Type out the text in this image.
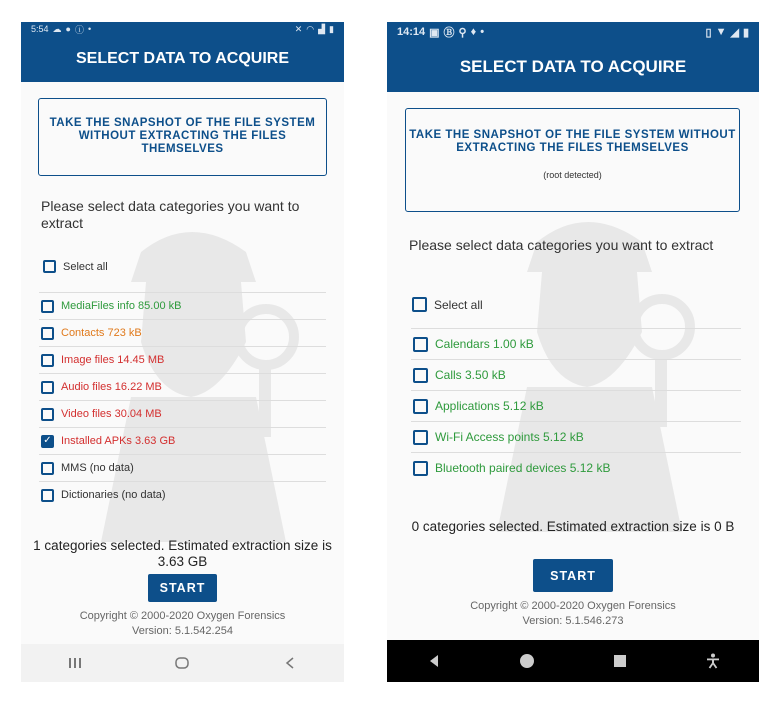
5:54 ☁ ● ⓘ •	✕ ◠ ▟ ▮
SELECT DATA TO ACQUIRE
TAKE THE SNAPSHOT OF THE FILE SYSTEM WITHOUT EXTRACTING THE FILES THEMSELVES
Please select data categories you want to extract
Select all
MediaFiles info 85.00 kB
Contacts 723 kB
Image files 14.45 MB
Audio files 16.22 MB
Video files 30.04 MB
✓ Installed APKs 3.63 GB
MMS (no data)
Dictionaries (no data)
1 categories selected. Estimated extraction size is 3.63 GB
START
Copyright © 2000-2020 Oxygen Forensics
Version: 5.1.542.254
14:14 ▣ Ⓑ ⚲ ♦ •	▯ ▼ ◢ ▮
SELECT DATA TO ACQUIRE
TAKE THE SNAPSHOT OF THE FILE SYSTEM WITHOUT EXTRACTING THE FILES THEMSELVES
(root detected)
Please select data categories you want to extract
Select all
Calendars 1.00 kB
Calls 3.50 kB
Applications 5.12 kB
Wi-Fi Access points 5.12 kB
Bluetooth paired devices 5.12 kB
0 categories selected. Estimated extraction size is 0 B
START
Copyright © 2000-2020 Oxygen Forensics
Version: 5.1.546.273
